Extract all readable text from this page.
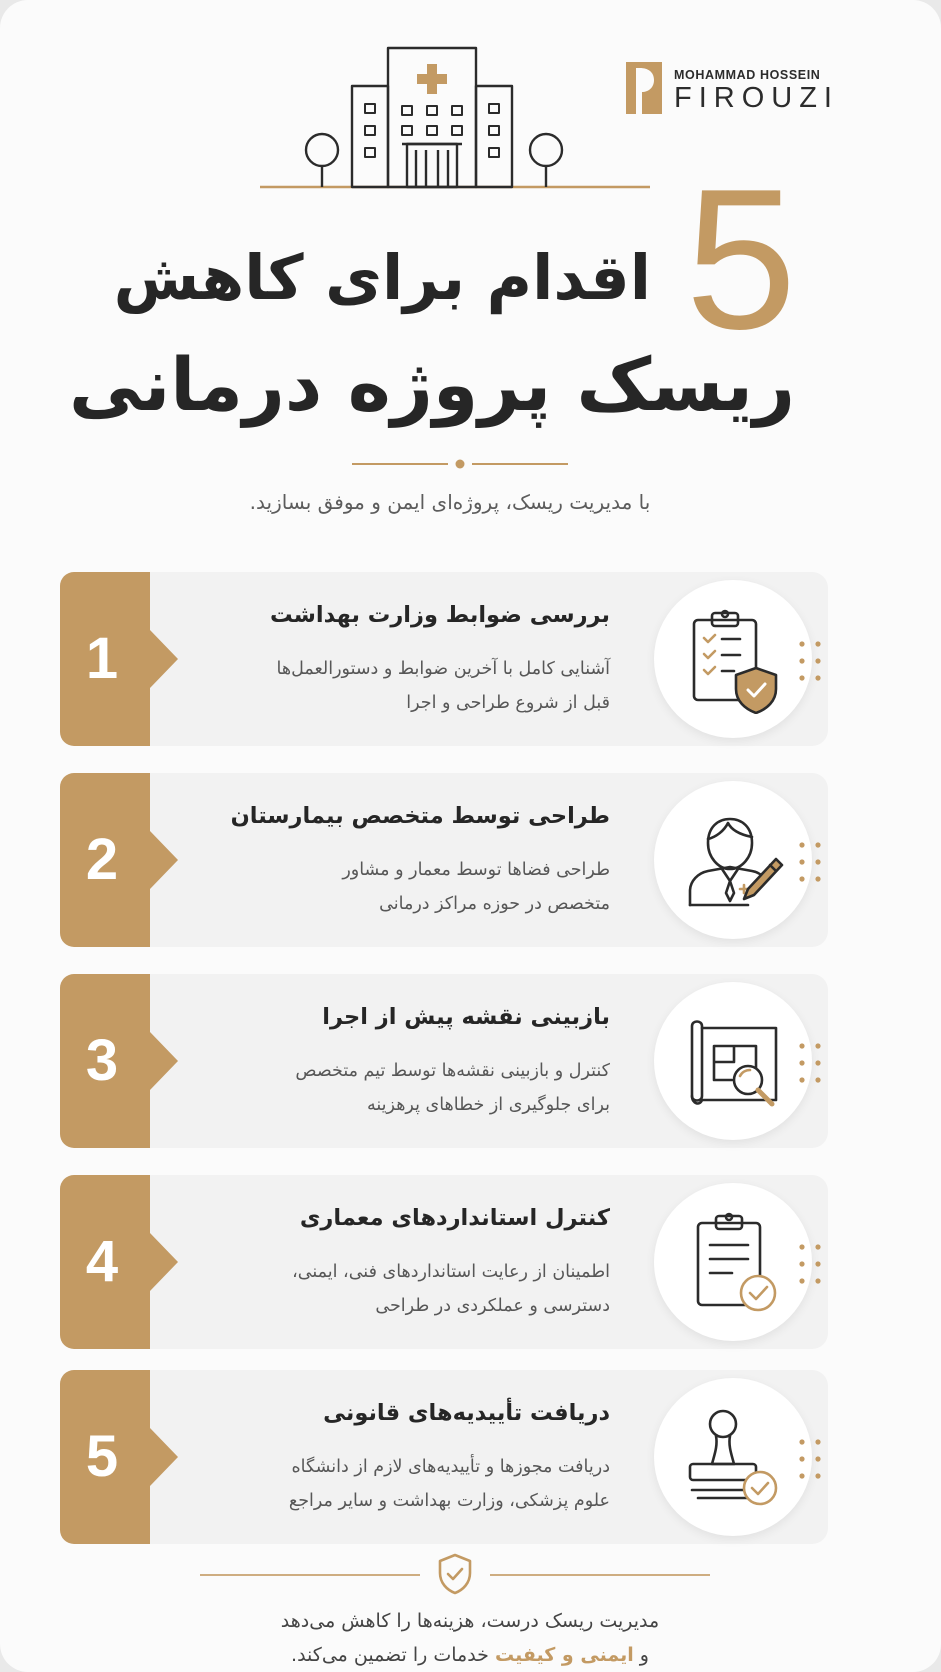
MOHAMMAD HOSSEIN
FIROUZI
5
اقدام برای کاهش
ریسک پروژه درمانی
با مدیریت ریسک، پروژه‌ای ایمن و موفق بسازید.
1
بررسی ضوابط وزارت بهداشت
آشنایی کامل با آخرین ضوابط و دستورالعمل‌ها
قبل از شروع طراحی و اجرا
2
طراحی توسط متخصص بیمارستان
طراحی فضاها توسط معمار و مشاور
متخصص در حوزه مراکز درمانی
3
بازبینی نقشه پیش از اجرا
کنترل و بازبینی نقشه‌ها توسط تیم متخصص
برای جلوگیری از خطاهای پرهزینه
4
کنترل استانداردهای معماری
اطمینان از رعایت استانداردهای فنی، ایمنی،
دسترسی و عملکردی در طراحی
5
دریافت تأییدیه‌های قانونی
دریافت مجوزها و تأییدیه‌های لازم از دانشگاه
علوم پزشکی، وزارت بهداشت و سایر مراجع
مدیریت ریسک درست، هزینه‌ها را کاهش می‌دهد
و ایمنی و کیفیت خدمات را تضمین می‌کند.
